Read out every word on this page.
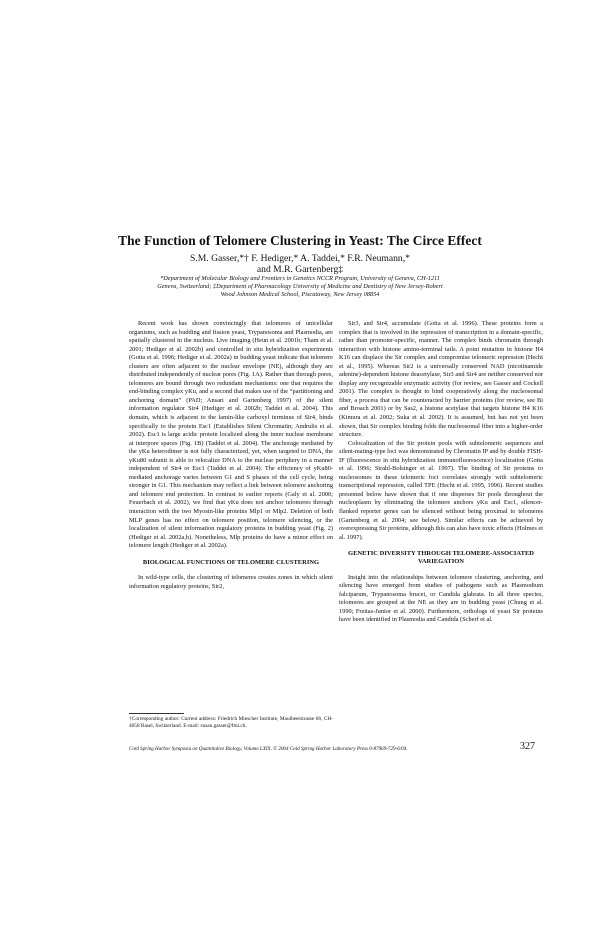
The Function of Telomere Clustering in Yeast: The Circe Effect
S.M. Gasser,*† F. Hediger,* A. Taddei,* F.R. Neumann,*
and M.R. Gartenberg‡
*Department of Molecular Biology and Frontiers in Genetics NCCR Program, University of Geneva, CH-1211
Geneva, Switzerland; ‡Department of Pharmacology University of Medicine and Dentistry of New Jersey-Robert
Wood Johnson Medical School, Piscataway, New Jersey 08854

Recent work has shown convincingly that telomeres of unicellular organisms, such as budding and fission yeast, Trypanosoma and Plasmodia, are spatially clustered in the nucleus. Live imaging (Heun et al. 2001b; Tham et al. 2001; Hediger et al. 2002b) and controlled in situ hybridization experiments (Gotta et al. 1996; Hediger et al. 2002a) in budding yeast indicate that telomere clusters are often adjacent to the nuclear envelope (NE), although they are distributed independently of nuclear pores (Fig. 1A). Rather than through pores, telomeres are bound through two redundant mechanisms: one that requires the end-binding complex yKu, and a second that makes use of the “partitioning and anchoring domain” (PAD; Ansari and Gartenberg 1997) of the silent information regulator Sir4 (Hediger et al. 2002b; Taddei et al. 2004). This domain, which is adjacent to the lamin-like carboxyl terminus of Sir4, binds specifically to the protein Esc1 (Establishes Silent Chromatin; Andrulis et al. 2002). Esc1 is large acidic protein localized along the inner nuclear membrane at interpore spaces (Fig. 1B) (Taddei et al. 2004). The anchorage mediated by the yKu heterodimer is not fully characterized, yet, when targeted to DNA, the yKu80 subunit is able to relocalize DNA to the nuclear periphery in a manner independent of Sir4 or Esc1 (Taddei et al. 2004). The efficiency of yKu80-mediated anchorage varies between G1 and S phases of the cell cycle, being stronger in G1. This mechanism may reflect a link between telomere anchoring and telomere end protection. In contrast to earlier reports (Galy et al. 2000; Feuerbach et al. 2002), we find that yKu does not anchor telomeres through interaction with the two Myosin-like proteins Mlp1 or Mlp2. Deletion of both MLP genes has no effect on telomere position, telomere silencing, or the localization of silent information regulatory proteins in budding yeast (Fig. 2) (Hediger et al. 2002a,b). Nonetheless, Mlp proteins do have a minor effect on telomere length (Hediger et al. 2002a).

BIOLOGICAL FUNCTIONS OF TELOMERE CLUSTERING

In wild-type cells, the clustering of telomeres creates zones in which silent information regulatory proteins, Sir2,

†Corresponding author: Current address: Friedrich Miescher Institute, Maulbeerstrasse 66, CH-4058 Basel, Switzerland. E-mail: susan.gasser@fmi.ch.

Sir3, and Sir4, accumulate (Gotta et al. 1996). These proteins form a complex that is involved in the repression of transcription in a domain-specific, rather than promoter-specific, manner. The complex binds chromatin through interaction with histone amino-terminal tails. A point mutation in histone H4 K16 can displace the Sir complex and compromise telomeric repression (Hecht et al., 1995). Whereas Sir2 is a universally conserved NAD (nicotinamide adenine)-dependent histone deacetylase, Sir3 and Sir4 are neither conserved nor display any recognizable enzymatic activity (for review, see Gasser and Cockell 2001). The complex is thought to bind cooperatively along the nucleosomal fiber, a process that can be counteracted by barrier proteins (for review, see Bi and Broach 2001) or by Sas2, a histone acetylase that targets histone H4 K16 (Kimura et al. 2002; Suka et al. 2002). It is assumed, but has not yet been shown, that Sir complex binding folds the nucleosomal fiber into a higher-order structure.

Colocalization of the Sir protein pools with subtelomeric sequences and silent-mating-type loci was demonstrated by Chromatin IP and by double FISH-IF (fluorescence in situ hybridization immunofluorescence) localization (Gotta et al. 1996; Strahl-Bolsinger et al. 1997). The binding of Sir proteins to nucleosomes in these telomeric foci correlates strongly with subtelomeric transcriptional repression, called TPE (Hecht et al. 1995, 1996). Recent studies presented below have shown that if one disperses Sir pools throughout the nucleoplasm by eliminating the telomere anchors yKu and Esc1, silencer-flanked reporter genes can be silenced without being proximal to telomeres (Gartenberg et al. 2004; see below). Similar effects can be achieved by overexpressing Sir proteins, although this can also have toxic effects (Holmes et al. 1997).

GENETIC DIVERSITY THROUGH TELOMERE-ASSOCIATED VARIEGATION

Insight into the relationships between telomere clustering, anchoring, and silencing have emerged from studies of pathogens such as Plasmodium falciparum, Trypanosoma brucei, or Candida glabrata. In all three species, telomeres are grouped at the NE as they are in budding yeast (Chung et al. 1990; Freitas-Junior et al. 2000). Furthermore, orthologs of yeast Sir proteins have been identified in Plasmodia and Candida (Scherf et al.

Cold Spring Harbor Symposia on Quantitative Biology, Volume LXIX. © 2004 Cold Spring Harbor Laboratory Press 0-87969-729-6/04.	327
